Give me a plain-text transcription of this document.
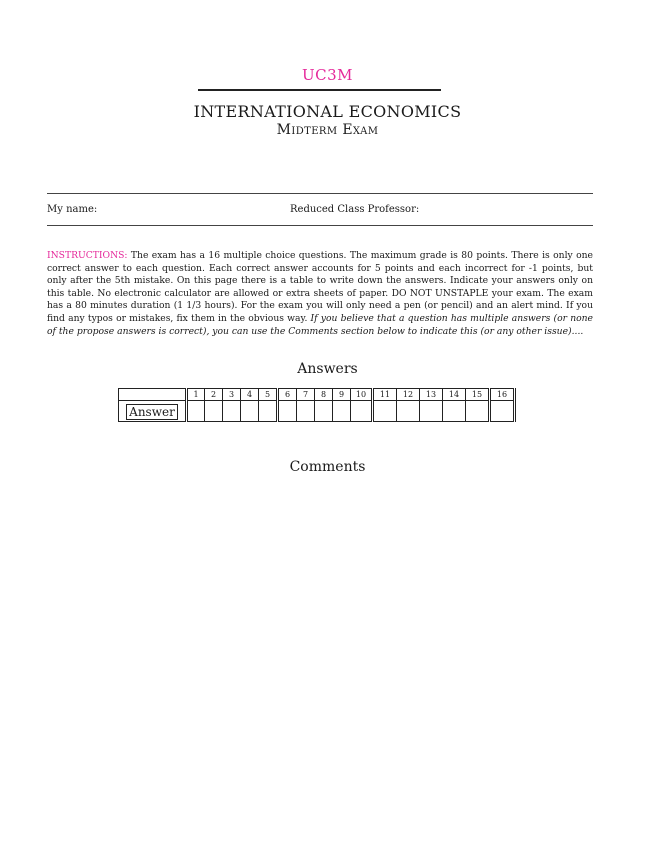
UC3M
INTERNATIONAL ECONOMICS
Midterm Exam
My name:	Reduced Class Professor:
INSTRUCTIONS: The exam has a 16 multiple choice questions. The maximum grade is 80 points. There is only one correct answer to each question. Each correct answer accounts for 5 points and each incorrect for -1 points, but only after the 5th mistake. On this page there is a table to write down the answers. Indicate your answers only on this table. No electronic calculator are allowed or extra sheets of paper. DO NOT UNSTAPLE your exam. The exam has a 80 minutes duration (1 1/3 hours). For the exam you will only need a pen (or pencil) and an alert mind. If you find any typos or mistakes, fix them in the obvious way. If you believe that a question has multiple answers (or none of the propose answers is correct), you can use the Comments section below to indicate this (or any other issue)....
Answers
	1	2	3	4	5	6	7	8	9	10	11	12	13	14	15	16
Answer																
Comments
